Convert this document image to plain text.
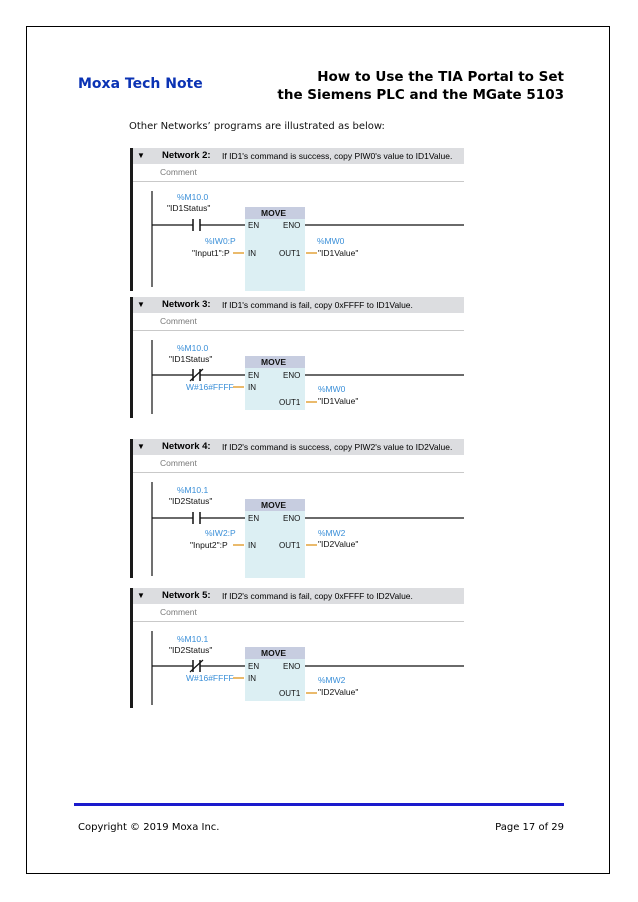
Moxa Tech Note	How to Use the TIA Portal to Set
the Siemens PLC and the MGate 5103
Other Networks’ programs are illustrated as below:
▼ Network 2: If ID1's command is success, copy PIW0's value to ID1Value.
Comment
%M10.0
"ID1Status"	MOVE
EN	ENO
%IW0:P
"Input1":P IN	OUT1
%MW0
"ID1Value"
▼ Network 3: If ID1's command is fail, copy 0xFFFF to ID1Value.
Comment
%M10.0
"ID1Status"	MOVE
EN	ENO
W#16#FFFF IN	%MW0
OUT1 "ID1Value"
▼ Network 4: If ID2's command is success, copy PIW2's value to ID2Value.
Comment
%M10.1
"ID2Status"	MOVE
EN	ENO
%IW2:P
"Input2":P	IN	OUT1
%MW2
"ID2Value"
▼ Network 5: If ID2's command is fail, copy 0xFFFF to ID2Value.
Comment
%M10.1
"ID2Status"	MOVE
EN	ENO
W#16#FFFF IN	%MW2
OUT1 "ID2Value"
Copyright © 2019 Moxa Inc.	Page 17 of 29
